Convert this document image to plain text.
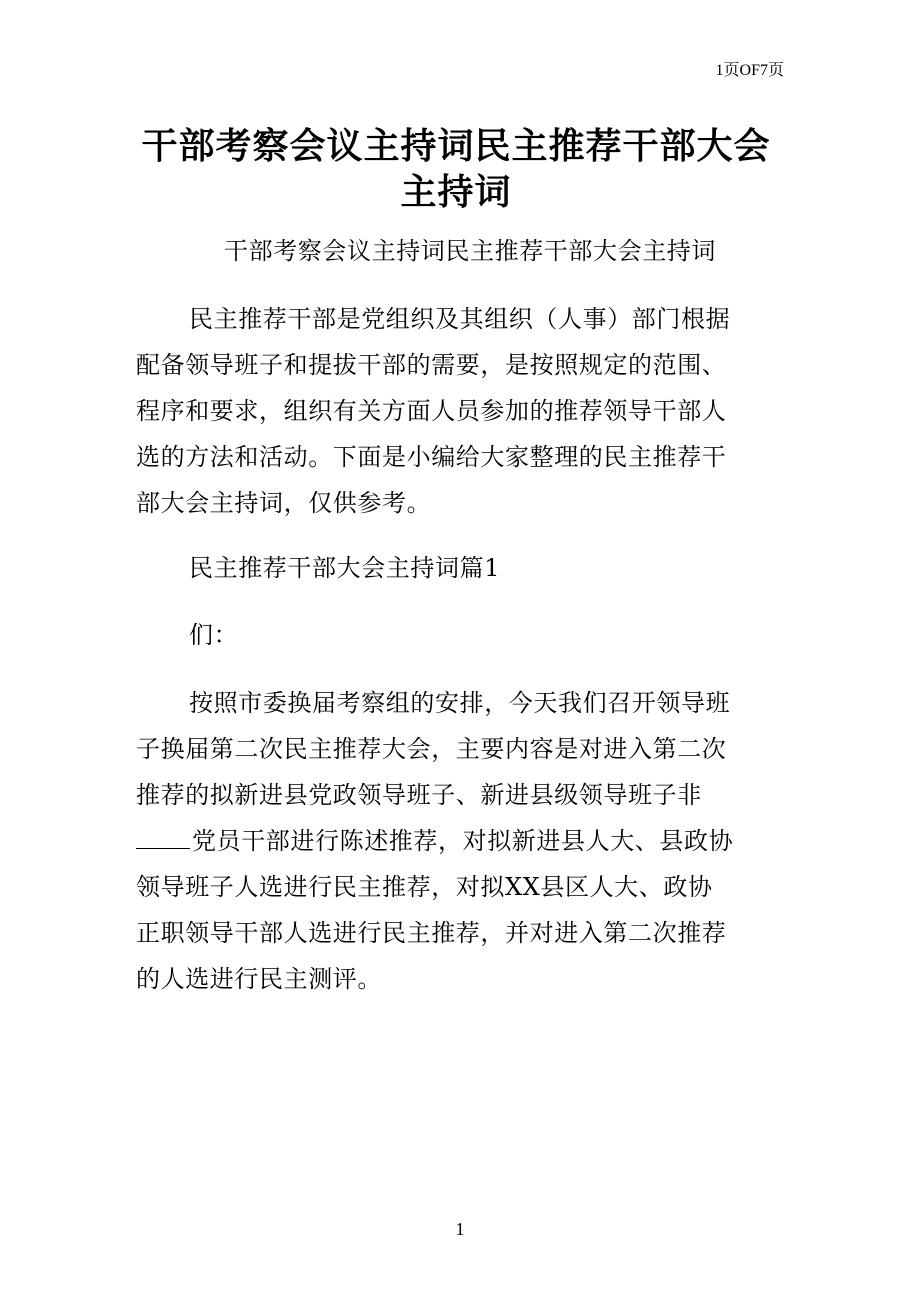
1页OF7页
干部考察会议主持词民主推荐干部大会
主持词
干部考察会议主持词民主推荐干部大会主持词
民主推荐干部是党组织及其组织（人事）部门根据
配备领导班子和提拔干部的需要，是按照规定的范围、
程序和要求，组织有关方面人员参加的推荐领导干部人
选的方法和活动。下面是小编给大家整理的民主推荐干
部大会主持词，仅供参考。
民主推荐干部大会主持词篇1
们：
按照市委换届考察组的安排，今天我们召开领导班
子换届第二次民主推荐大会，主要内容是对进入第二次
推荐的拟新进县党政领导班子、新进县级领导班子非
党员干部进行陈述推荐，对拟新进县人大、县政协
领导班子人选进行民主推荐，对拟XX县区人大、政协
正职领导干部人选进行民主推荐，并对进入第二次推荐
的人选进行民主测评。
1
